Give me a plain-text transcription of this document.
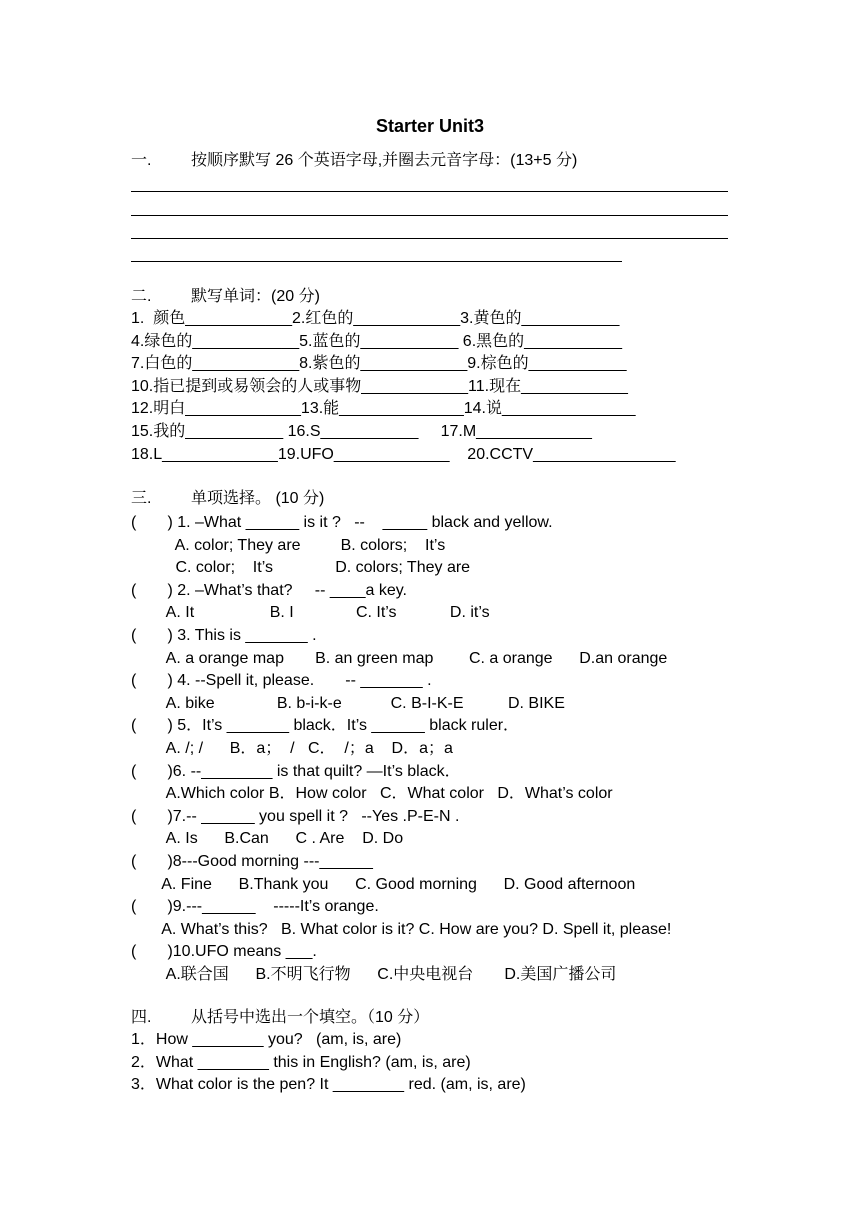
Starter Unit3
一. 按顺序默写 26 个英语字母,并圈去元音字母：(13+5 分)
二. 默写单词：(20 分)
1.  颜色____________2.红色的____________3.黄色的___________
4.绿色的____________5.蓝色的___________ 6.黑色的___________
7.白色的____________8.紫色的____________9.棕色的___________
10.指已提到或易领会的人或事物____________11.现在____________
12.明白_____________13.能______________14.说_______________
15.我的___________ 16.S___________     17.M_____________
18.L_____________19.UFO_____________    20.CCTV________________
三. 单项选择。 (10 分)
(       ) 1. –What ______ is it ?   --    _____ black and yellow.
A. color; They are         B. colors;    It’s
C. color;    It’s              D. colors; They are
(       ) 2. –What’s that?     -- ____a key.
A. It                 B. I              C. It’s            D. it’s
(       ) 3. This is _______ .
A. a orange map       B. an green map        C. a orange      D.an orange
(       ) 4. --Spell it, please.       -- _______ .
A. bike              B. b-i-k-e           C. B-I-K-E          D. BIKE
(       ) 5．It’s _______ black．It’s ______ black ruler．
A. /; /      B．a；  /   C．  /；a    D．a；a
(       )6. --________ is that quilt? —It’s black．
A.Which color B．How color   C．What color   D．What’s color
(       )7.-- ______ you spell it ?   --Yes .P-E-N .
A. Is      B.Can      C . Are    D. Do
(       )8---Good morning ---______
A. Fine      B.Thank you      C. Good morning      D. Good afternoon
(       )9.---______    -----It’s orange.
A. What’s this?   B. What color is it? C. How are you? D. Spell it, please!
(       )10.UFO means ___.
A.联合国      B.不明飞行物      C.中央电视台       D.美国广播公司
四. 从括号中选出一个填空。（10 分）
1．How ________ you?   (am, is, are)
2．What ________ this in English? (am, is, are)
3．What color is the pen? It ________ red. (am, is, are)
